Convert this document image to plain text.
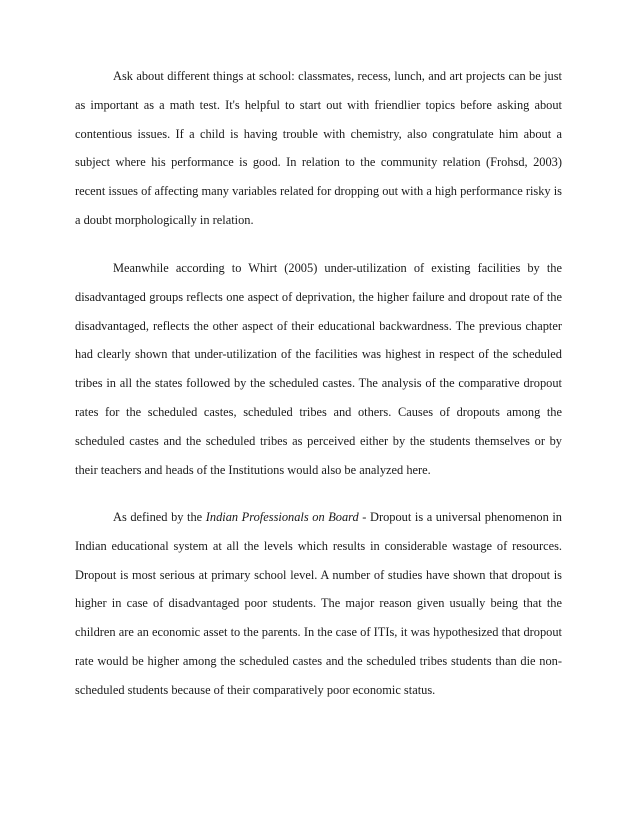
Ask about different things at school: classmates, recess, lunch, and art projects can be just as important as a math test. It's helpful to start out with friendlier topics before asking about contentious issues. If a child is having trouble with chemistry, also congratulate him about a subject where his performance is good. In relation to the community relation (Frohsd, 2003) recent issues of affecting many variables related for dropping out with a high performance risky is a doubt morphologically in relation.

Meanwhile according to Whirt (2005) under-utilization of existing facilities by the disadvantaged groups reflects one aspect of deprivation, the higher failure and dropout rate of the disadvantaged, reflects the other aspect of their educational backwardness. The previous chapter had clearly shown that under-utilization of the facilities was highest in respect of the scheduled tribes in all the states followed by the scheduled castes. The analysis of the comparative dropout rates for the scheduled castes, scheduled tribes and others. Causes of dropouts among the scheduled castes and the scheduled tribes as perceived either by the students themselves or by their teachers and heads of the Institutions would also be analyzed here.

As defined by the Indian Professionals on Board - Dropout is a universal phenomenon in Indian educational system at all the levels which results in considerable wastage of resources. Dropout is most serious at primary school level. A number of studies have shown that dropout is higher in case of disadvantaged poor students. The major reason given usually being that the children are an economic asset to the parents. In the case of ITIs, it was hypothesized that dropout rate would be higher among the scheduled castes and the scheduled tribes students than die non-scheduled students because of their comparatively poor economic status.
